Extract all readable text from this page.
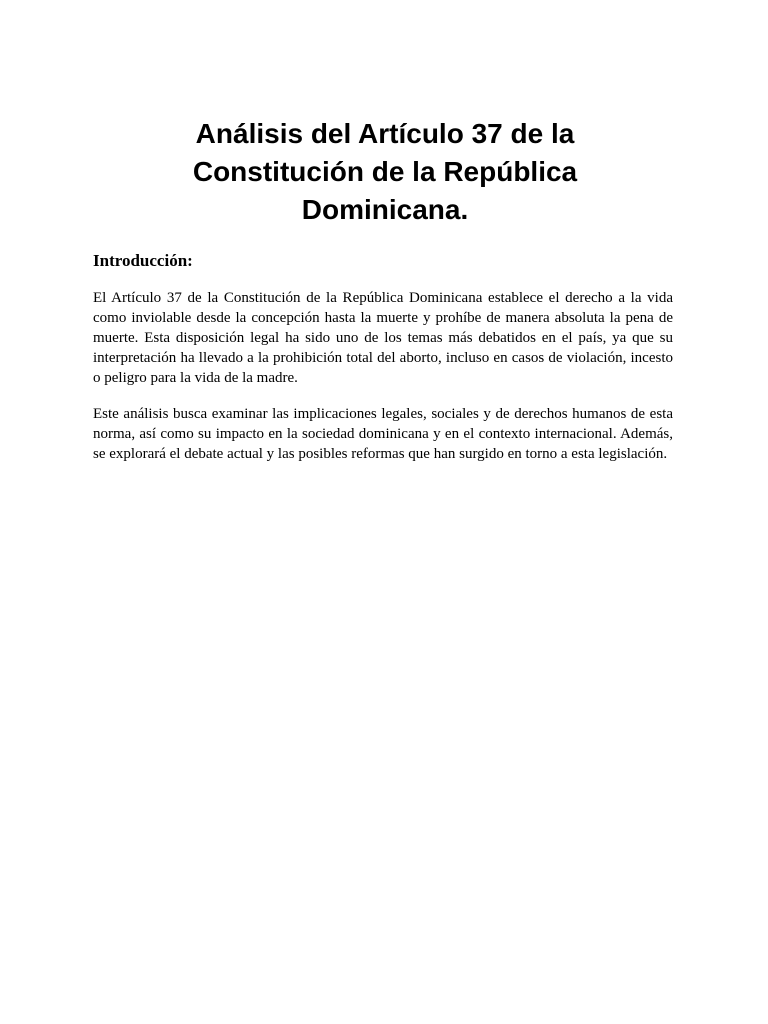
Análisis del Artículo 37 de la Constitución de la República Dominicana.
Introducción:

El Artículo 37 de la Constitución de la República Dominicana establece el derecho a la vida como inviolable desde la concepción hasta la muerte y prohíbe de manera absoluta la pena de muerte. Esta disposición legal ha sido uno de los temas más debatidos en el país, ya que su interpretación ha llevado a la prohibición total del aborto, incluso en casos de violación, incesto o peligro para la vida de la madre.

Este análisis busca examinar las implicaciones legales, sociales y de derechos humanos de esta norma, así como su impacto en la sociedad dominicana y en el contexto internacional. Además, se explorará el debate actual y las posibles reformas que han surgido en torno a esta legislación.
